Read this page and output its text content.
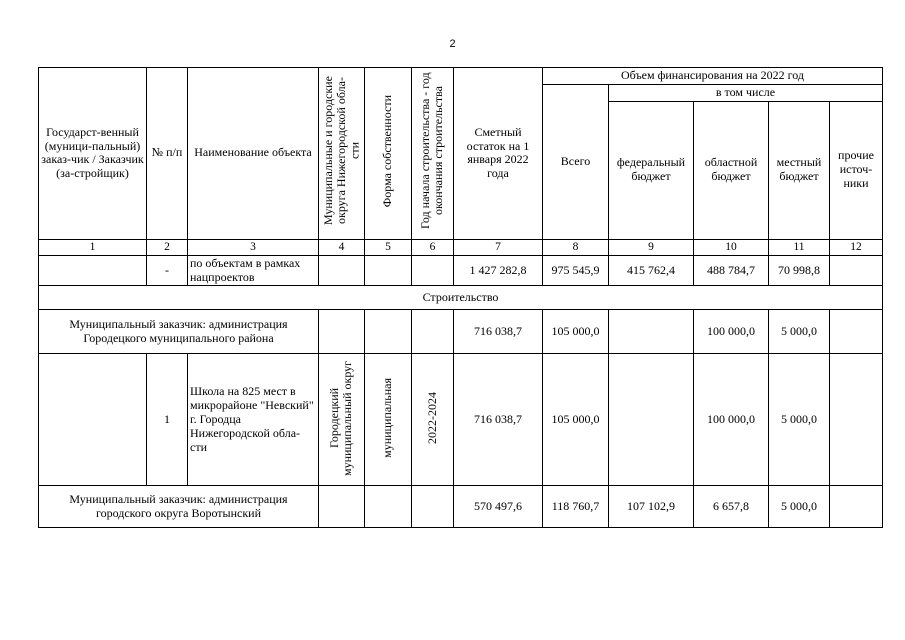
2
Государст-венный (муници-пальный) заказ-чик / Заказчик (за-стройщик)	№ п/п	Наименование объекта	Муниципальные и городские округа Нижегородской обла-сти	Форма собственности	Год начала строительства - год окончания строительства	Сметный остаток на 1 января 2022 года	Объем финансирования на 2022 год				
							Всего	в том числе			
								федеральный бюджет	областной бюджет	местный бюджет	прочие источ-ники
1	2	3	4	5	6	7	8	9	10	11	12
	-	по объектам в рамках нацпроектов				1 427 282,8	975 545,9	415 762,4	488 784,7	70 998,8	
Строительство											
Муниципальный заказчик: администрация Городецкого муниципального района						716 038,7	105 000,0		100 000,0	5 000,0	
	1	Школа на 825 мест в микрорайоне "Невский" г. Городца Нижегородской обла-сти	Городецкий муниципальный округ	муниципальная	2022-2024	716 038,7	105 000,0		100 000,0	5 000,0	
Муниципальный заказчик: администрация городского округа Воротынский						570 497,6	118 760,7	107 102,9	6 657,8	5 000,0	
